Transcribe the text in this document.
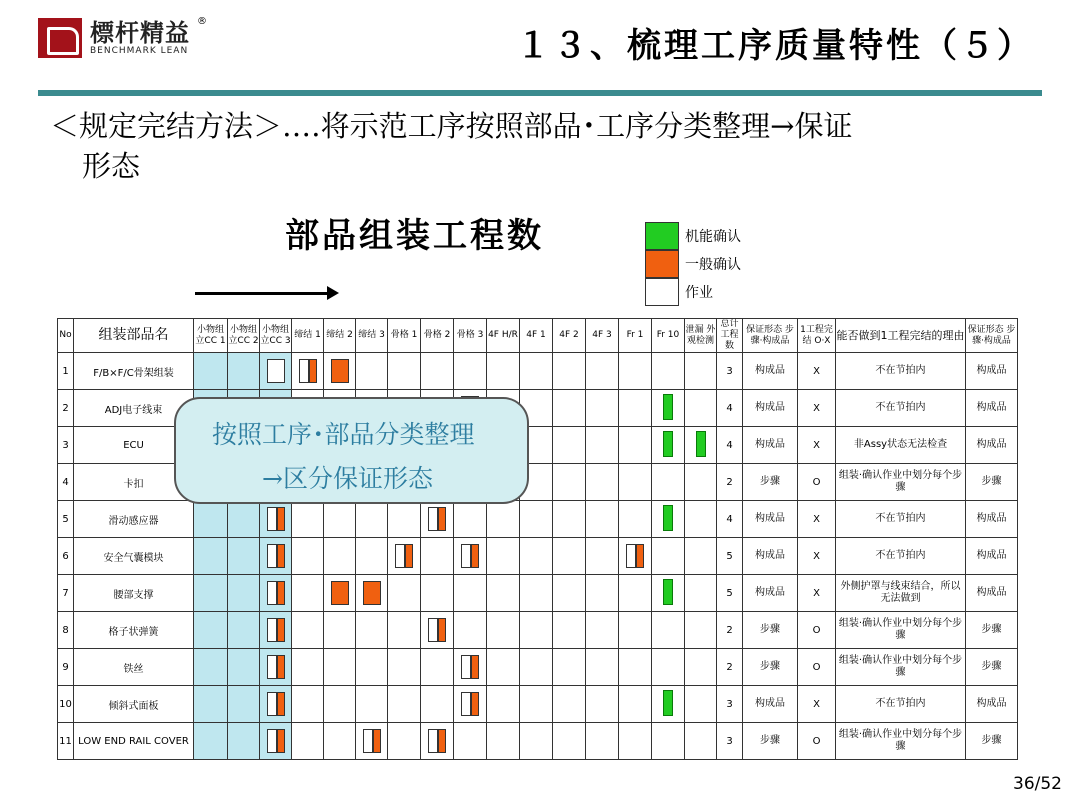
標杆精益
BENCHMARK LEAN
®
１３、梳理工序质量特性（５）
＜规定完结方法＞‥‥将示范工序按照部品･工序分类整理→保证
形态
部品组装工程数	机能确认
一般确认
作业
No	组装部品名	小物组立CC 1	小物组立CC 2	小物组立CC 3	缔结 1	缔结 2	缔结 3	骨格 1	骨格 2	骨格 3	4F H/R	4F 1	4F 2	4F 3	Fr 1	Fr 10	泄漏 外观检测	总计 工程数	保证形态 步骤·构成品	1工程完结 O·X	能否做到1工程完结的理由	保证形态 步骤·构成品
1	F/B×F/C骨架组装																	3	构成品	X	不在节拍内	构成品
2	ADJ电子线束																	4	构成品	X	不在节拍内	构成品
3	ECU																	4	构成品	X	非Assy状态无法检查	构成品
4	卡扣																	2	步骤	O	组装·确认作业中划分每个步骤	步骤
5	滑动感应器																	4	构成品	X	不在节拍内	构成品
6	安全气囊模块																	5	构成品	X	不在节拍内	构成品
7	腰部支撑																	5	构成品	X	外侧护罩与线束结合，所以无法做到	构成品
8	格子状弹簧																	2	步骤	O	组装·确认作业中划分每个步骤	步骤
9	铁丝																	2	步骤	O	组装·确认作业中划分每个步骤	步骤
10	倾斜式面板																	3	构成品	X	不在节拍内	构成品
11	LOW END RAIL COVER																	3	步骤	O	组装·确认作业中划分每个步骤	步骤
按照工序･部品分类整理
→区分保证形态
36/52
